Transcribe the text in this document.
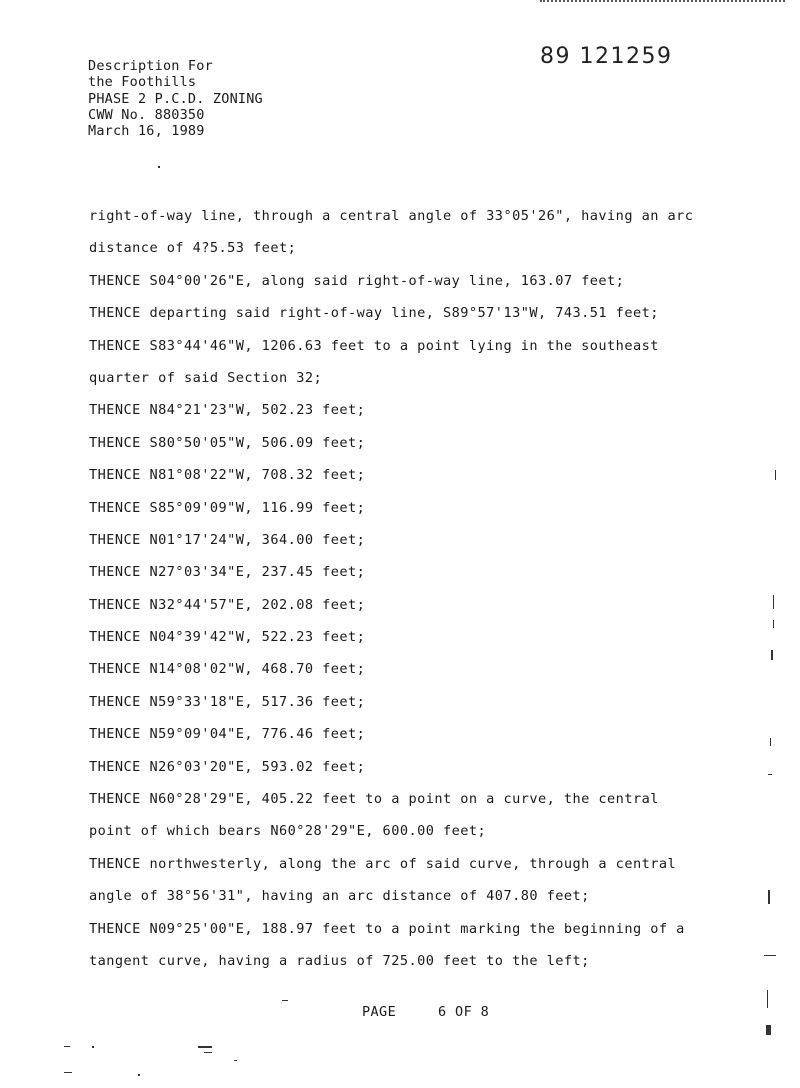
Description For
the Foothills
PHASE 2 P.C.D. ZONING
CWW No. 880350
March 16, 1989
89 121259
right-of-way line, through a central angle of 33°05'26", having an arc
distance of 4?5.53 feet;
THENCE S04°00'26"E, along said right-of-way line, 163.07 feet;
THENCE departing said right-of-way line, S89°57'13"W, 743.51 feet;
THENCE S83°44'46"W, 1206.63 feet to a point lying in the southeast
quarter of said Section 32;
THENCE N84°21'23"W, 502.23 feet;
THENCE S80°50'05"W, 506.09 feet;
THENCE N81°08'22"W, 708.32 feet;
THENCE S85°09'09"W, 116.99 feet;
THENCE N01°17'24"W, 364.00 feet;
THENCE N27°03'34"E, 237.45 feet;
THENCE N32°44'57"E, 202.08 feet;
THENCE N04°39'42"W, 522.23 feet;
THENCE N14°08'02"W, 468.70 feet;
THENCE N59°33'18"E, 517.36 feet;
THENCE N59°09'04"E, 776.46 feet;
THENCE N26°03'20"E, 593.02 feet;
THENCE N60°28'29"E, 405.22 feet to a point on a curve, the central
point of which bears N60°28'29"E, 600.00 feet;
THENCE northwesterly, along the arc of said curve, through a central
angle of 38°56'31", having an arc distance of 407.80 feet;
THENCE N09°25'00"E, 188.97 feet to a point marking the beginning of a
tangent curve, having a radius of 725.00 feet to the left;
PAGE	6 OF 8
